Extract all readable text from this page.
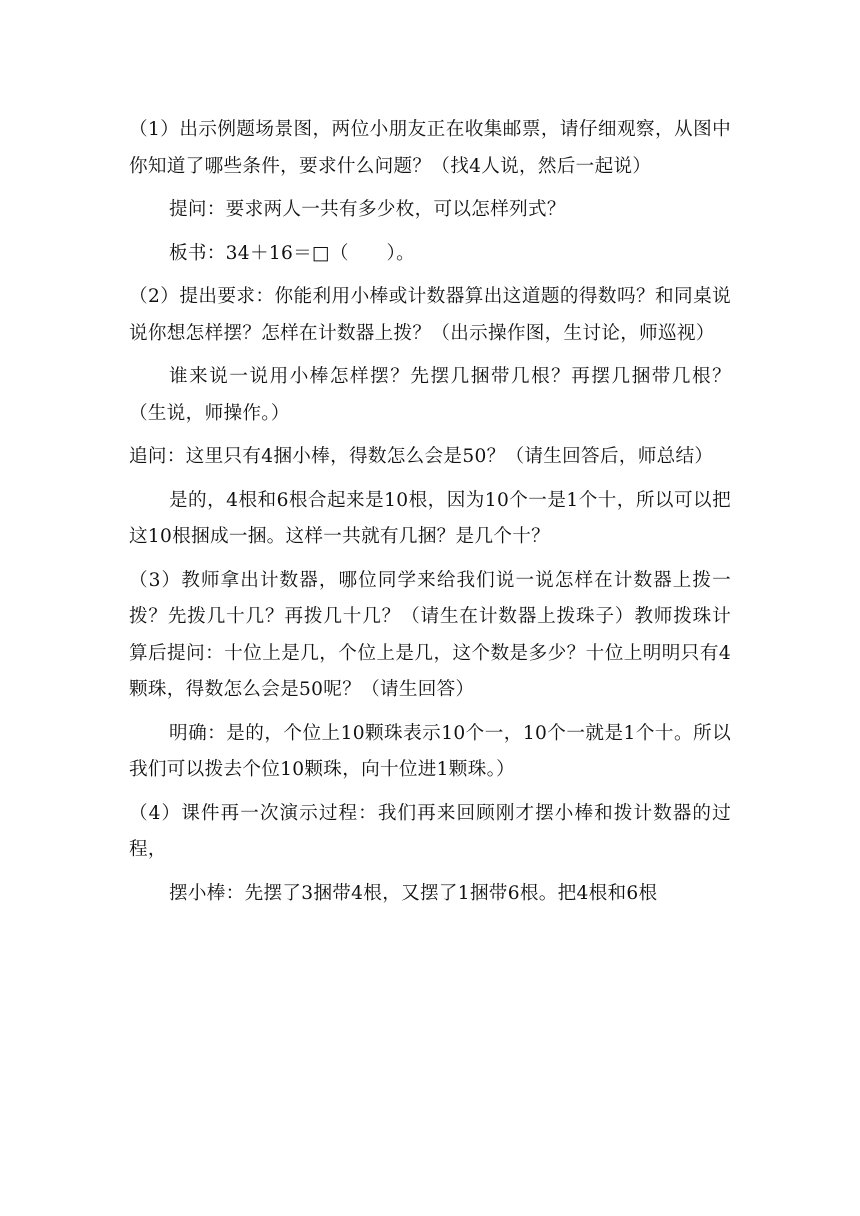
（1）出示例题场景图，两位小朋友正在收集邮票，请仔细观察，从图中你知道了哪些条件，要求什么问题？（找4人说，然后一起说）

提问：要求两人一共有多少枚，可以怎样列式？

板书：34＋16＝□（　　）。

（2）提出要求：你能利用小棒或计数器算出这道题的得数吗？和同桌说说你想怎样摆？怎样在计数器上拨？（出示操作图，生讨论，师巡视）

谁来说一说用小棒怎样摆？先摆几捆带几根？再摆几捆带几根？（生说，师操作。）

追问：这里只有4捆小棒，得数怎么会是50？（请生回答后，师总结）

是的，4根和6根合起来是10根，因为10个一是1个十，所以可以把这10根捆成一捆。这样一共就有几捆？是几个十？

（3）教师拿出计数器，哪位同学来给我们说一说怎样在计数器上拨一拨？先拨几十几？再拨几十几？（请生在计数器上拨珠子）教师拨珠计算后提问：十位上是几，个位上是几，这个数是多少？十位上明明只有4颗珠，得数怎么会是50呢？（请生回答）

明确：是的，个位上10颗珠表示10个一，10个一就是1个十。所以我们可以拨去个位10颗珠，向十位进1颗珠。）

（4）课件再一次演示过程：我们再来回顾刚才摆小棒和拨计数器的过程，

摆小棒：先摆了3捆带4根，又摆了1捆带6根。把4根和6根
